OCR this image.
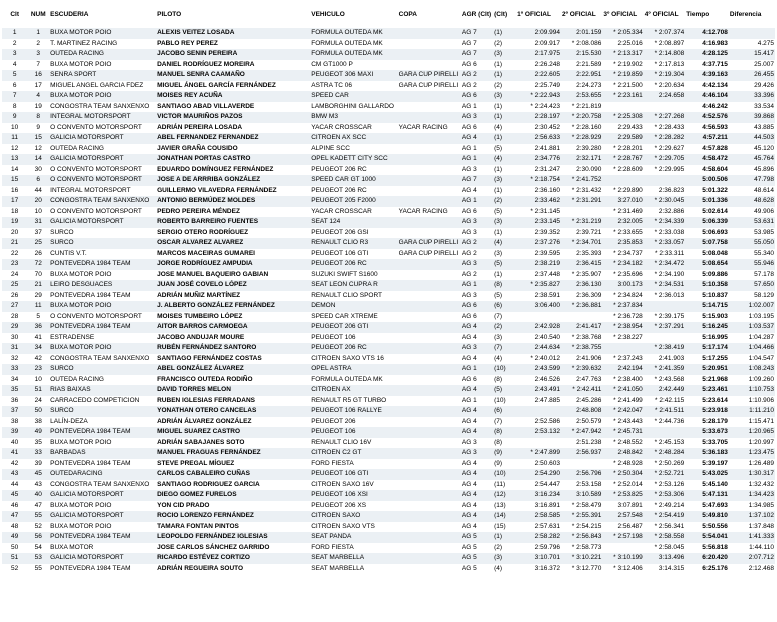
Clt	NUM	ESCUDERIA	PILOTO	VEHICULO	COPA	AGR (Clt)	(Clt)	1º OFICIAL	2º OFICIAL	3º OFICIAL	4º OFICIAL	Tiempo	Diferencia

1	1	BUXA MOTOR POIO	ALEXIS VEITEZ LOSADA	FORMULA OUTEDA MK		AG 7	(1)	2:09.994	2:01.159	* 2:05.334	* 2:07.374	4:12.708	
2	2	T. MARTINEZ RACING	PABLO REY PEREZ	FORMULA OUTEDA MK		AG 7	(2)	2:09.917	* 2:08.086	2:25.016	* 2:08.897	4:16.983	4.275
3	3	OUTEDA RACING	JACOBO SENIN PEREIRA	FORMULA OUTEDA MK		AG 7	(3)	2:17.975	2:15.530	* 2:13.317	* 2:14.808	4:28.125	15.417
4	7	BUXA MOTOR POIO	DANIEL RODRÍGUEZ MOREIRA	CM GT1000 P		AG 6	(1)	2:26.248	2:21.589	* 2:19.902	* 2:17.813	4:37.715	25.007
5	16	SENRA SPORT	MANUEL SENRA CAAMAÑO	PEUGEOT 306 MAXI	GARA CUP PIRELLI	AG 2	(1)	2:22.605	2:22.951	* 2:19.859	* 2:19.304	4:39.163	26.455
6	17	MIGUEL ANGEL GARCIA FDEZ	MIGUEL ÁNGEL GARCÍA FERNÁNDEZ	ASTRA TC 06	GARA CUP PIRELLI	AG 2	(2)	2:25.749	2:24.273	* 2:21.500	* 2:20.634	4:42.134	29.426
7	4	BUXA MOTOR POIO	MOISES REY ACUÑA	SPEED CAR		AG 6	(3)	* 2:22.943	2:53.655	* 2:23.161	2:24.658	4:46.104	33.396
8	19	CONGOSTRA TEAM SANXENXO	SANTIAGO ABAD VILLAVERDE	LAMBORGHINI GALLARDO		AG 1	(1)	* 2:24.423	* 2:21.819			4:46.242	33.534
9	8	INTEGRAL MOTORSPORT	VICTOR MAURIÑOS PAZOS	BMW M3		AG 3	(1)	2:28.197	* 2:20.758	* 2:25.308	* 2:27.268	4:52.576	39.868
10	9	O CONVENTO MOTORSPORT	ADRIÁN PEREIRA LOSADA	YACAR CROSSCAR	YACAR RACING	AG 6	(4)	2:30.452	* 2:28.160	2:29.433	* 2:28.433	4:56.593	43.885
11	15	GALICIA MOTORSPORT	ABEL FERNANDEZ FERNANDEZ	CITROEN AX SCC		AG 4	(1)	2:56.633	* 2:28.929	2:29.589	* 2:28.282	4:57.211	44.503
12	12	OUTEDA RACING	JAVIER GRAÑA COUSIDO	ALPINE SCC		AG 1	(5)	2:41.881	2:39.280	* 2:28.201	* 2:29.627	4:57.828	45.120
13	14	GALICIA MOTORSPORT	JONATHAN PORTAS CASTRO	OPEL KADETT CITY SCC		AG 1	(4)	2:34.776	2:32.171	* 2:28.767	* 2:29.705	4:58.472	45.764
14	30	O CONVENTO MOTORSPORT	EDUARDO DOMÍNGUEZ FERNÁNDEZ	PEUGEOT 206 RC		AG 3	(1)	2:31.247	2:30.090	* 2:28.609	* 2:29.995	4:58.604	45.896
15	6	O CONVENTO MOTORSPORT	JOSE A DE ARRRIBA GONZÁLEZ	SPEED CAR GT 1000		AG 7	(3)	* 2:18.754	* 2:41.752			5:00.506	47.798
16	44	INTEGRAL MOTORSPORT	GUILLERMO VILAVEDRA FERNÁNDEZ	PEUGEOT 206 RC		AG 4	(1)	2:36.160	* 2:31.432	* 2:29.890	2:36.823	5:01.322	48.614
17	20	CONGOSTRA TEAM SANXENXO	ANTONIO BERMÚDEZ MOLDES	PEUGEOT 205 F2000		AG 1	(2)	2:33.462	* 2:31.291	3:27.010	* 2:30.045	5:01.336	48.628
18	10	O CONVENTO MOTORSPORT	PEDRO PEREIRA MÉNDEZ	YACAR CROSSCAR	YACAR RACING	AG 6	(5)	* 2:31.145		* 2:31.469	2:32.886	5:02.614	49.906
19	31	GALICIA MOTORSPORT	ROBERTO BARREIRO FUENTES	SEAT 124		AG 3	(3)	2:33.145	* 2:31.219	2:32.005	* 2:34.339	5:06.339	53.631
20	37	SURCO	SERGIO OTERO RODRÍGUEZ	PEUGEOT 206 GSI		AG 3	(1)	2:39.352	2:39.721	* 2:33.655	* 2:33.038	5:06.693	53.985
21	25	SURCO	OSCAR ALVAREZ ALVAREZ	RENAULT CLIO R3	GARA CUP PIRELLI	AG 2	(4)	2:37.276	* 2:34.701	2:35.853	* 2:33.057	5:07.758	55.050
22	26	CUNTIS V.T.	MARCOS MACEIRAS GUMAREI	PEUGEOT 106 GTI	GARA CUP PIRELLI	AG 2	(3)	2:39.595	2:35.393	* 2:34.737	* 2:33.311	5:08.048	55.340
23	72	PONTEVEDRA 1984 TEAM	JORGE RODRÍGUEZ AMPUDIA	PEUGEOT 206 RC		AG 3	(5)	2:38.219	2:36.415	* 2:34.182	* 2:34.472	5:08.654	55.946
24	70	BUXA MOTOR POIO	JOSE MANUEL BAQUEIRO GABIAN	SUZUKI SWIFT S1600		AG 2	(1)	2:37.448	* 2:35.907	* 2:35.696	* 2:34.190	5:09.886	57.178
25	21	LEIRO DESGUACES	JUAN JOSÉ COVELO LÓPEZ	SEAT LEON CUPRA R		AG 1	(8)	* 2:35.827	2:36.130	3:00.173	* 2:34.531	5:10.358	57.650
26	29	PONTEVEDRA 1984 TEAM	ADRIÁN MUÑIZ MARTÍNEZ	RENAULT CLIO SPORT		AG 3	(5)	2:38.591	2:36.309	* 2:34.824	* 2:36.013	5:10.837	58.129
27	11	BUXA MOTOR POIO	J. ALBERTO GONZÁLEZ FERNÁNDEZ	DEMON		AG 6	(6)	3:06.400	* 2:36.881	* 2:37.834		5:14.715	1:02.007
28	5	O CONVENTO MOTORSPORT	MOISES TUMBEIRO LÓPEZ	SPEED CAR XTREME		AG 6	(7)			* 2:36.728	* 2:39.175	5:15.903	1:03.195
29	36	PONTEVEDRA 1984 TEAM	AITOR BARROS CARMOEGA	PEUGEOT 206 GTI		AG 4	(2)	2:42.928	2:41.417	* 2:38.954	* 2:37.291	5:16.245	1:03.537
30	41	ESTRADENSE	JACOBO ANDUJAR MOURE	PEUGEOT 106		AG 4	(3)	2:40.540	* 2:38.768	* 2:38.227		5:16.995	1:04.287
31	34	BUXA MOTOR POIO	RUBÉN FERNÁNDEZ SANTORO	PEUGEOT 206 RC		AG 3	(7)	2:44.634	* 2:38.755		* 2:38.419	5:17.174	1:04.466
32	42	CONGOSTRA TEAM SANXENXO	SANTIAGO FERNÁNDEZ COSTAS	CITROEN SAXO VTS 16		AG 4	(4)	* 2:40.012	2:41.906	* 2:37.243	2:41.903	5:17.255	1:04.547
33	23	SURCO	ABEL GONZÁLEZ ÁLVAREZ	OPEL ASTRA		AG 1	(10)	2:43.599	* 2:39.632	2:42.194	* 2:41.359	5:20.951	1:08.243
34	10	OUTEDA RACING	FRANCISCO OUTEDA RODIÑO	FORMULA OUTEDA MK		AG 6	(8)	2:46.526	2:47.763	* 2:38.400	* 2:43.568	5:21.968	1:09.260
35	51	RIAS BAIXAS	DAVID TORRES MELON	CITROEN AX		AG 4	(5)	2:43.491	* 2:42.411	* 2:41.050	2:42.449	5:23.461	1:10.753
36	24	CARRACEDO COMPETICION	RUBEN IGLESIAS FERRADANS	RENAULT R5 GT TURBO		AG 1	(10)	2:47.885	2:45.286	* 2:41.499	* 2:42.115	5:23.614	1:10.906
37	50	SURCO	YONATHAN OTERO CANCELAS	PEUGEOT 106 RALLYE		AG 4	(6)		2:48.808	* 2:42.047	* 2:41.511	5:23.918	1:11.210
38	38	LALÍN-DEZA	ADRIÁN ÁLVAREZ GONZÁLEZ	PEUGEOT 206		AG 4	(7)	2:52.586	2:50.579	* 2:43.443	* 2:44.736	5:28.179	1:15.471
39	49	PONTEVEDRA 1984 TEAM	MIGUEL SUAREZ CASTRO	PEUGEOT 106		AG 4	(8)	2:53.132	* 2:47.942	* 2:45.731		5:33.673	1:20.965
40	35	BUXA MOTOR POIO	ADRIÁN SABAJANES SOTO	RENAULT CLIO 16V		AG 3	(8)		2:51.238	* 2:48.552	* 2:45.153	5:33.705	1:20.997
41	33	BARBADAS	MANUEL FRAGUAS FERNÁNDEZ	CITROEN C2 GT		AG 3	(9)	* 2:47.899	2:56.937	2:48.842	* 2:48.284	5:36.183	1:23.475
42	39	PONTEVEDRA 1984 TEAM	STEVE PREGAL MÍGUEZ	FORD FIESTA		AG 4	(9)	2:50.603		* 2:48.928	* 2:50.269	5:39.197	1:26.489
43	45	OUTEDARACING	CARLOS CABALEIRO CUÑAS	PEUGEOT 106 GTI		AG 4	(10)	2:54.290	2:56.796	* 2:50.304	* 2:52.721	5:43.025	1:30.317
44	43	CONGOSTRA TEAM SANXENXO	SANTIAGO RODRIGUEZ GARCIA	CITROEN SAXO 16V		AG 4	(11)	2:54.447	2:53.158	* 2:52.014	* 2:53.126	5:45.140	1:32.432
45	40	GALICIA MOTORSPORT	DIEGO GOMEZ FURELOS	PEUGEOT 106 XSI		AG 4	(12)	3:16.234	3:10.589	* 2:53.825	* 2:53.306	5:47.131	1:34.423
46	47	BUXA MOTOR POIO	YON CID PRADO	PEUGEOT 206 XS		AG 4	(13)	3:16.891	* 2:58.479	3:07.891	* 2:49.214	5:47.693	1:34.985
47	55	GALICIA MOTORSPORT	ROCIO LORENZO FERNÁNDEZ	CITROEN SAXO		AG 4	(14)	2:58.585	* 2:55.391	2:57.548	* 2:54.419	5:49.810	1:37.102
48	52	BUXA MOTOR POIO	TAMARA FONTAN PINTOS	CITROEN SAXO VTS		AG 4	(15)	2:57.631	* 2:54.215	2:56.487	* 2:56.341	5:50.556	1:37.848
49	56	PONTEVEDRA 1984 TEAM	LEOPOLDO FERNÁNDEZ IGLESIAS	SEAT PANDA		AG 5	(1)	2:58.282	* 2:56.843	* 2:57.198	* 2:58.558	5:54.041	1:41.333
50	54	BUXA MOTOR	JOSE CARLOS SÁNCHEZ GARRIDO	FORD FIESTA		AG 5	(2)	2:59.796	* 2:58.773		* 2:58.045	5:56.818	1:44.110
51	53	GALICIA MOTORSPORT	RICARDO ESTÉVEZ CORTIZO	SEAT MARBELLA		AG 5	(3)	3:10.701	* 3:10.221	* 3:10.199	3:13.496	6:20.420	2:07.712
52	55	PONTEVEDRA 1984 TEAM	ADRIÁN REGUEIRA SOUTO	SEAT MARBELLA		AG 5	(4)	3:16.372	* 3:12.770	* 3:12.406	3:14.315	6:25.176	2:12.468
